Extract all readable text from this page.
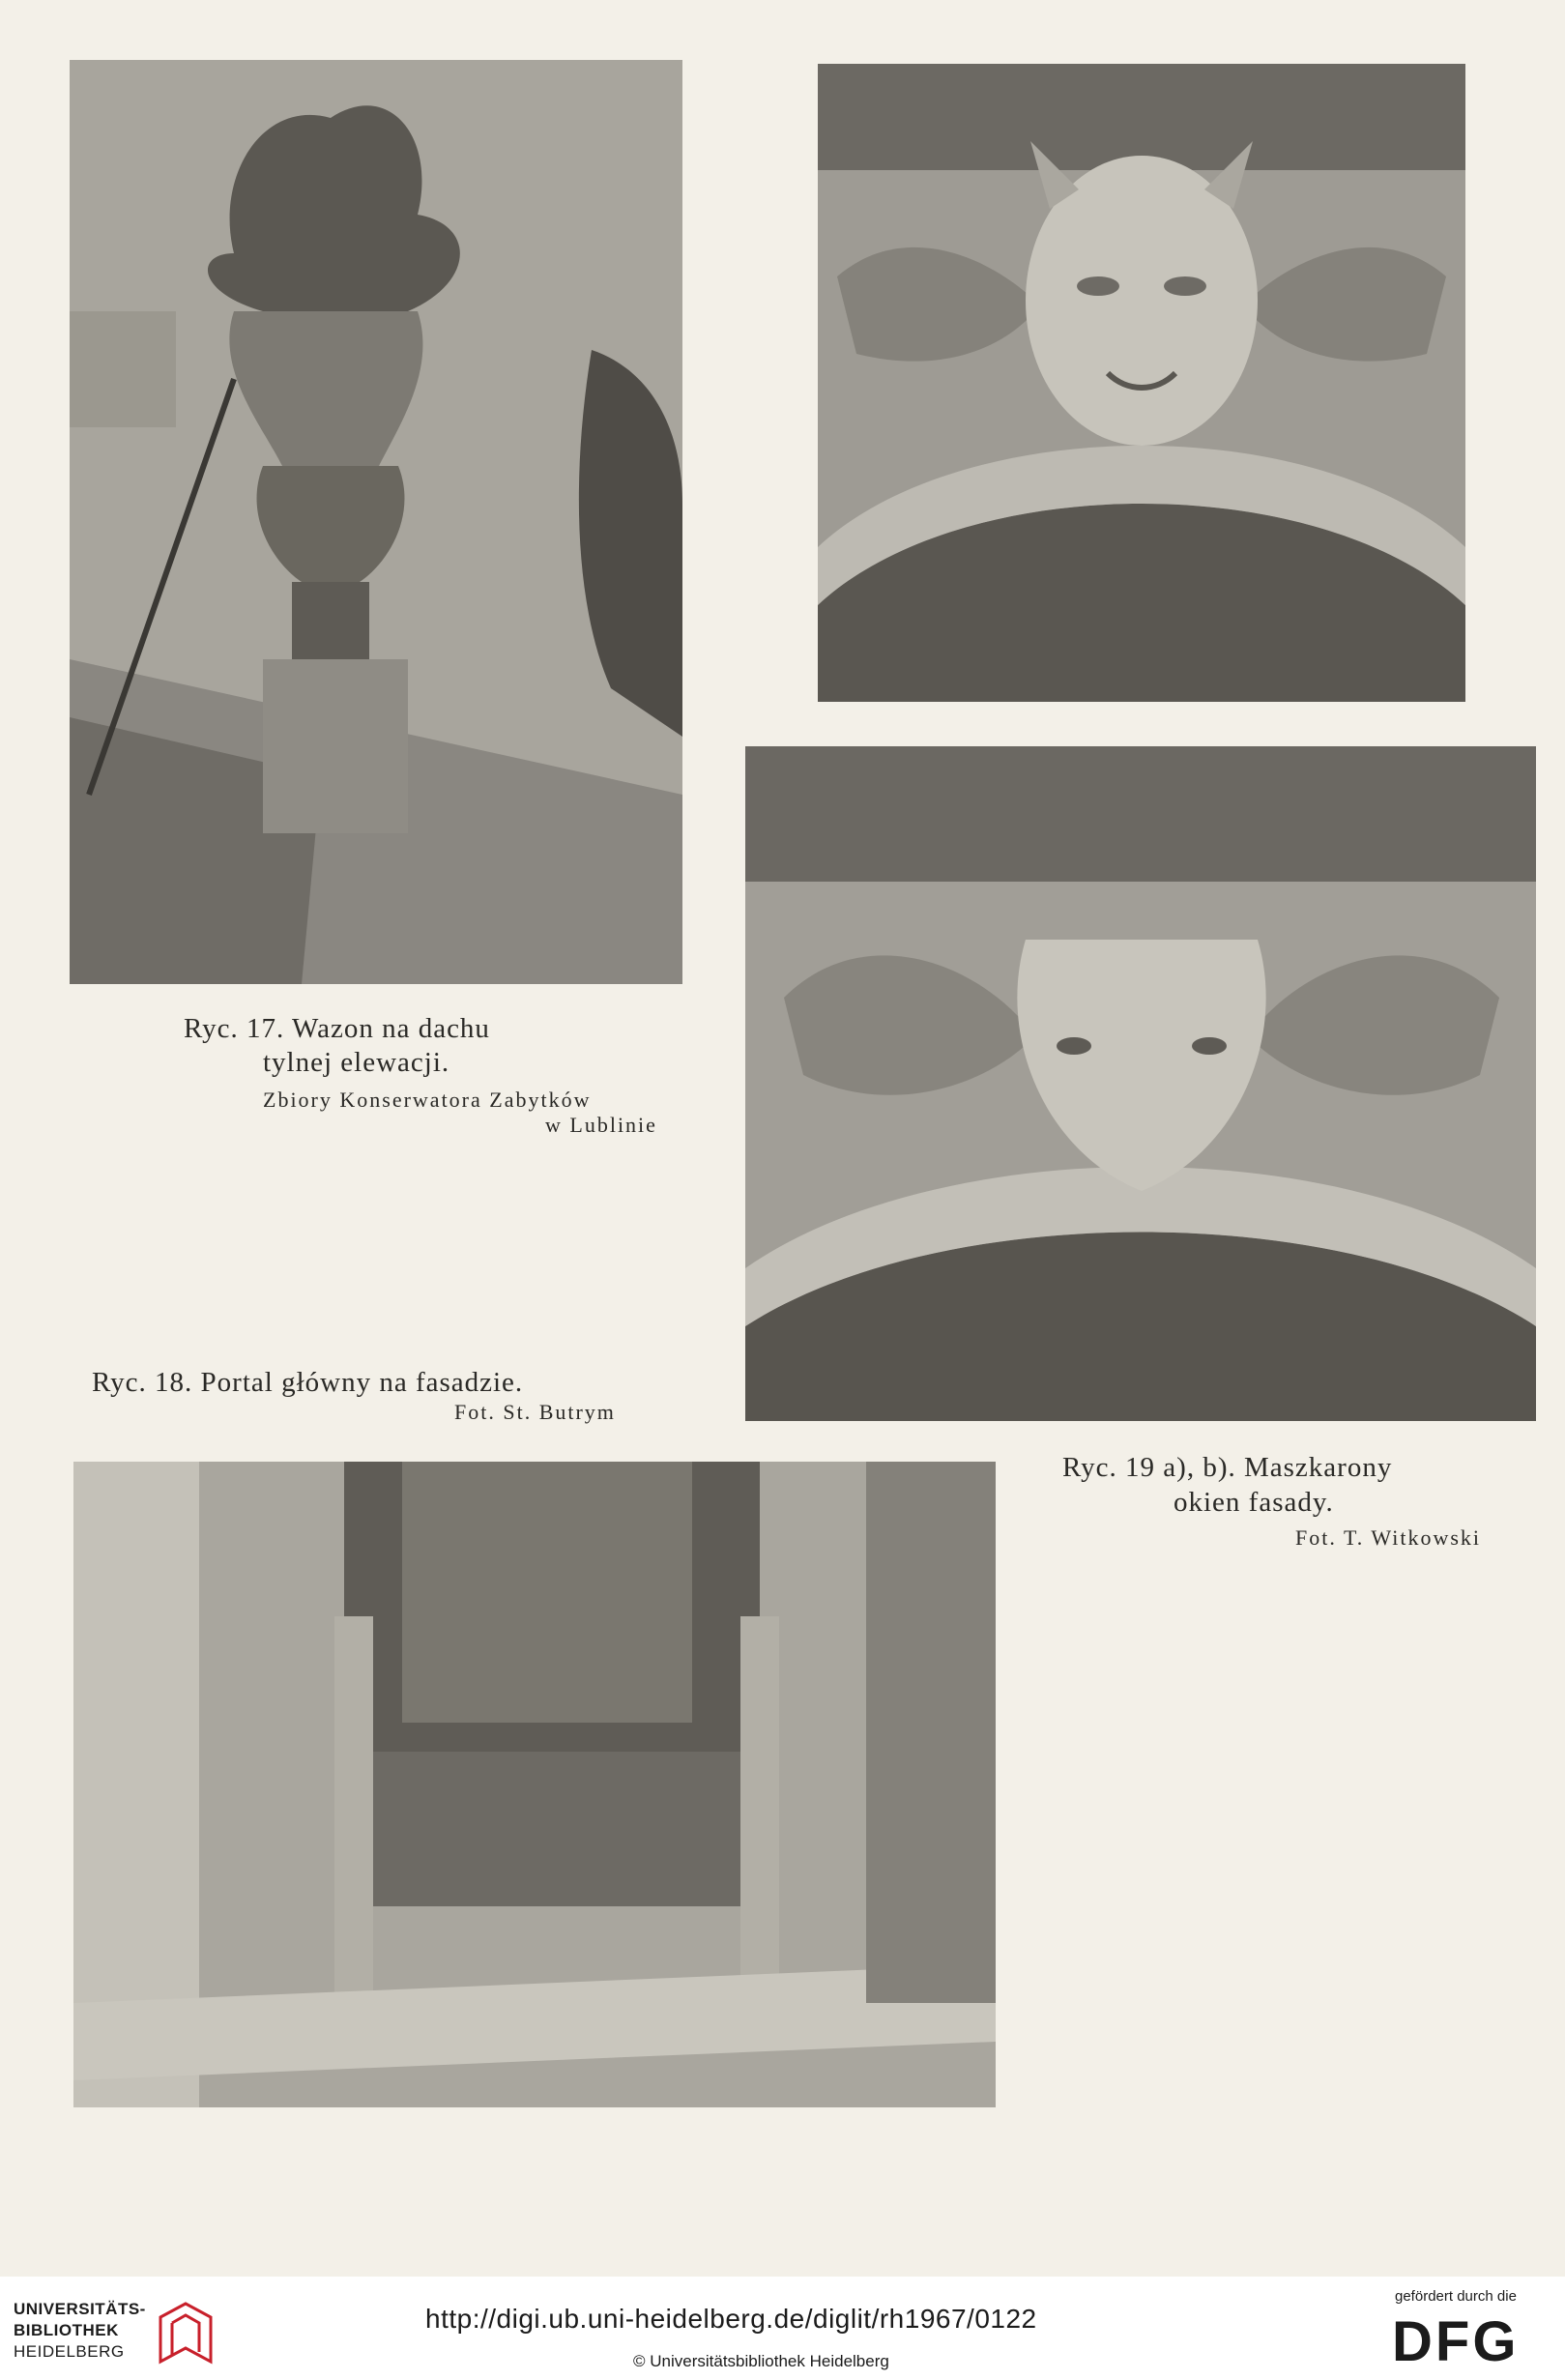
Ryc. 17. Wazon na dachu
tylnej elewacji.
Zbiory Konserwatora Zabytków
w Lublinie
Ryc. 18. Portal główny na fasadzie.
Fot. St. Butrym
Ryc. 19 a), b). Maszkarony
okien fasady.
Fot. T. Witkowski
UNIVERSITÄTS-
BIBLIOTHEK
HEIDELBERG
http://digi.ub.uni-heidelberg.de/diglit/rh1967/0122
© Universitätsbibliothek Heidelberg
gefördert durch die
DFG
